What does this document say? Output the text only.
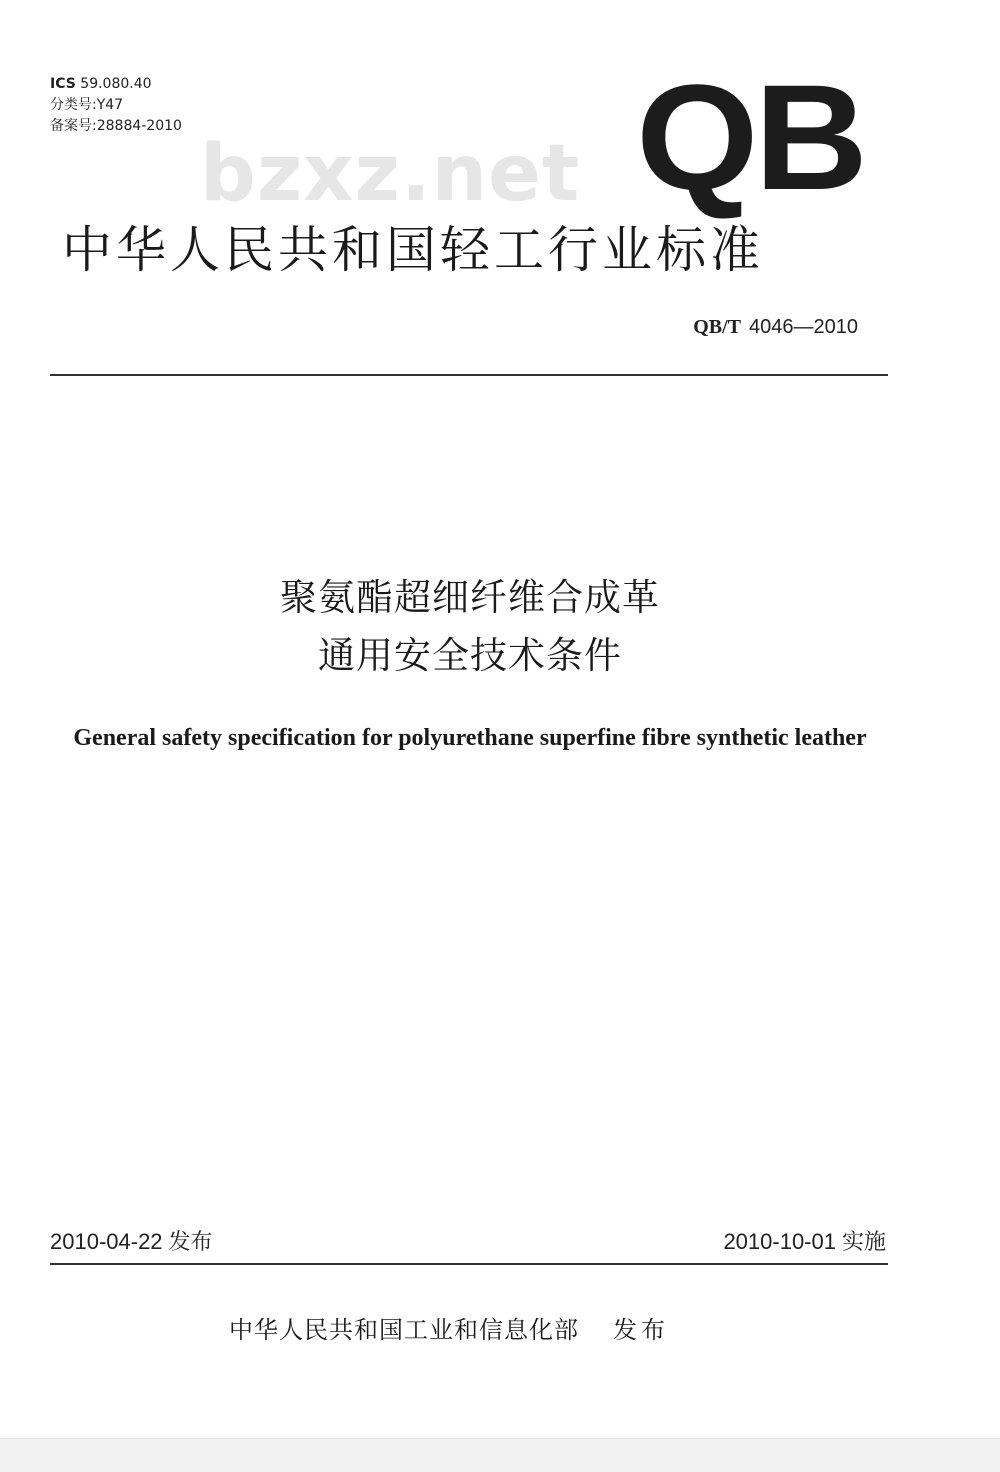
ICS 59.080.40
分类号:Y47
备案号:28884-2010	QB
bzxz.net
中华人民共和国轻工行业标准
QB/T 4046—2010
聚氨酯超细纤维合成革
通用安全技术条件
General safety specification for polyurethane superfine fibre synthetic leather
2010-04-22 发布	2010-10-01 实施
中华人民共和国工业和信息化部 发布
